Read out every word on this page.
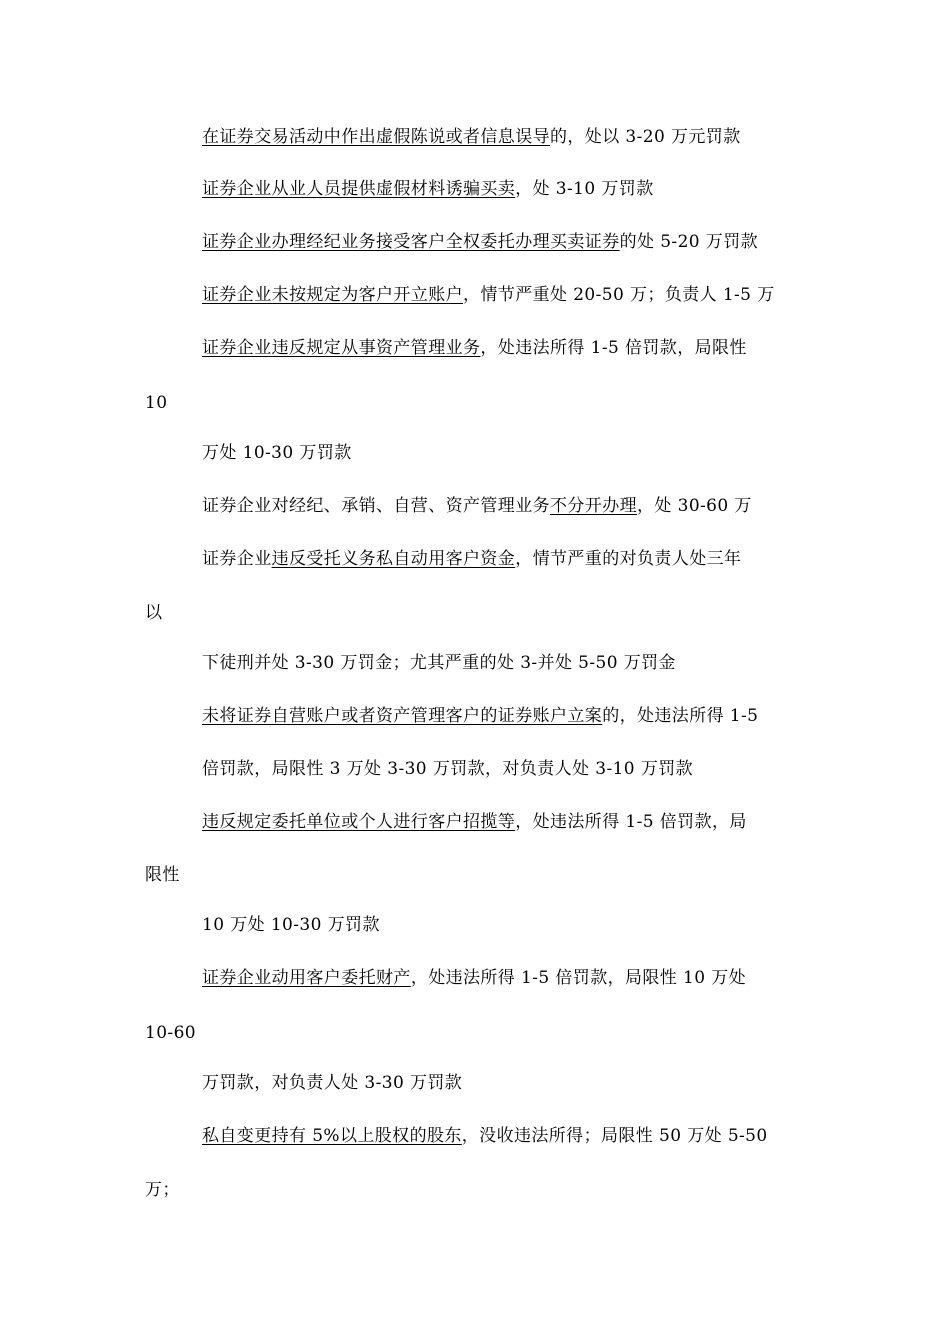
在证券交易活动中作出虚假陈说或者信息误导的，处以 3-20 万元罚款
证券企业从业人员提供虚假材料诱骗买卖，处 3-10 万罚款
证券企业办理经纪业务接受客户全权委托办理买卖证券的处 5-20 万罚款
证券企业未按规定为客户开立账户，情节严重处 20-50 万；负责人 1-5 万
证券企业违反规定从事资产管理业务，处违法所得 1-5 倍罚款，局限性
10
万处 10-30 万罚款
证券企业对经纪、承销、自营、资产管理业务不分开办理，处 30-60 万
证券企业违反受托义务私自动用客户资金，情节严重的对负责人处三年
以
下徒刑并处 3-30 万罚金；尤其严重的处 3-并处 5-50 万罚金
未将证券自营账户或者资产管理客户的证券账户立案的，处违法所得 1-5
倍罚款，局限性 3 万处 3-30 万罚款，对负责人处 3-10 万罚款
违反规定委托单位或个人进行客户招揽等，处违法所得 1-5 倍罚款，局
限性
10 万处 10-30 万罚款
证券企业动用客户委托财产，处违法所得 1-5 倍罚款，局限性 10 万处
10-60
万罚款，对负责人处 3-30 万罚款
私自变更持有 5%以上股权的股东，没收违法所得；局限性 50 万处 5-50
万；
